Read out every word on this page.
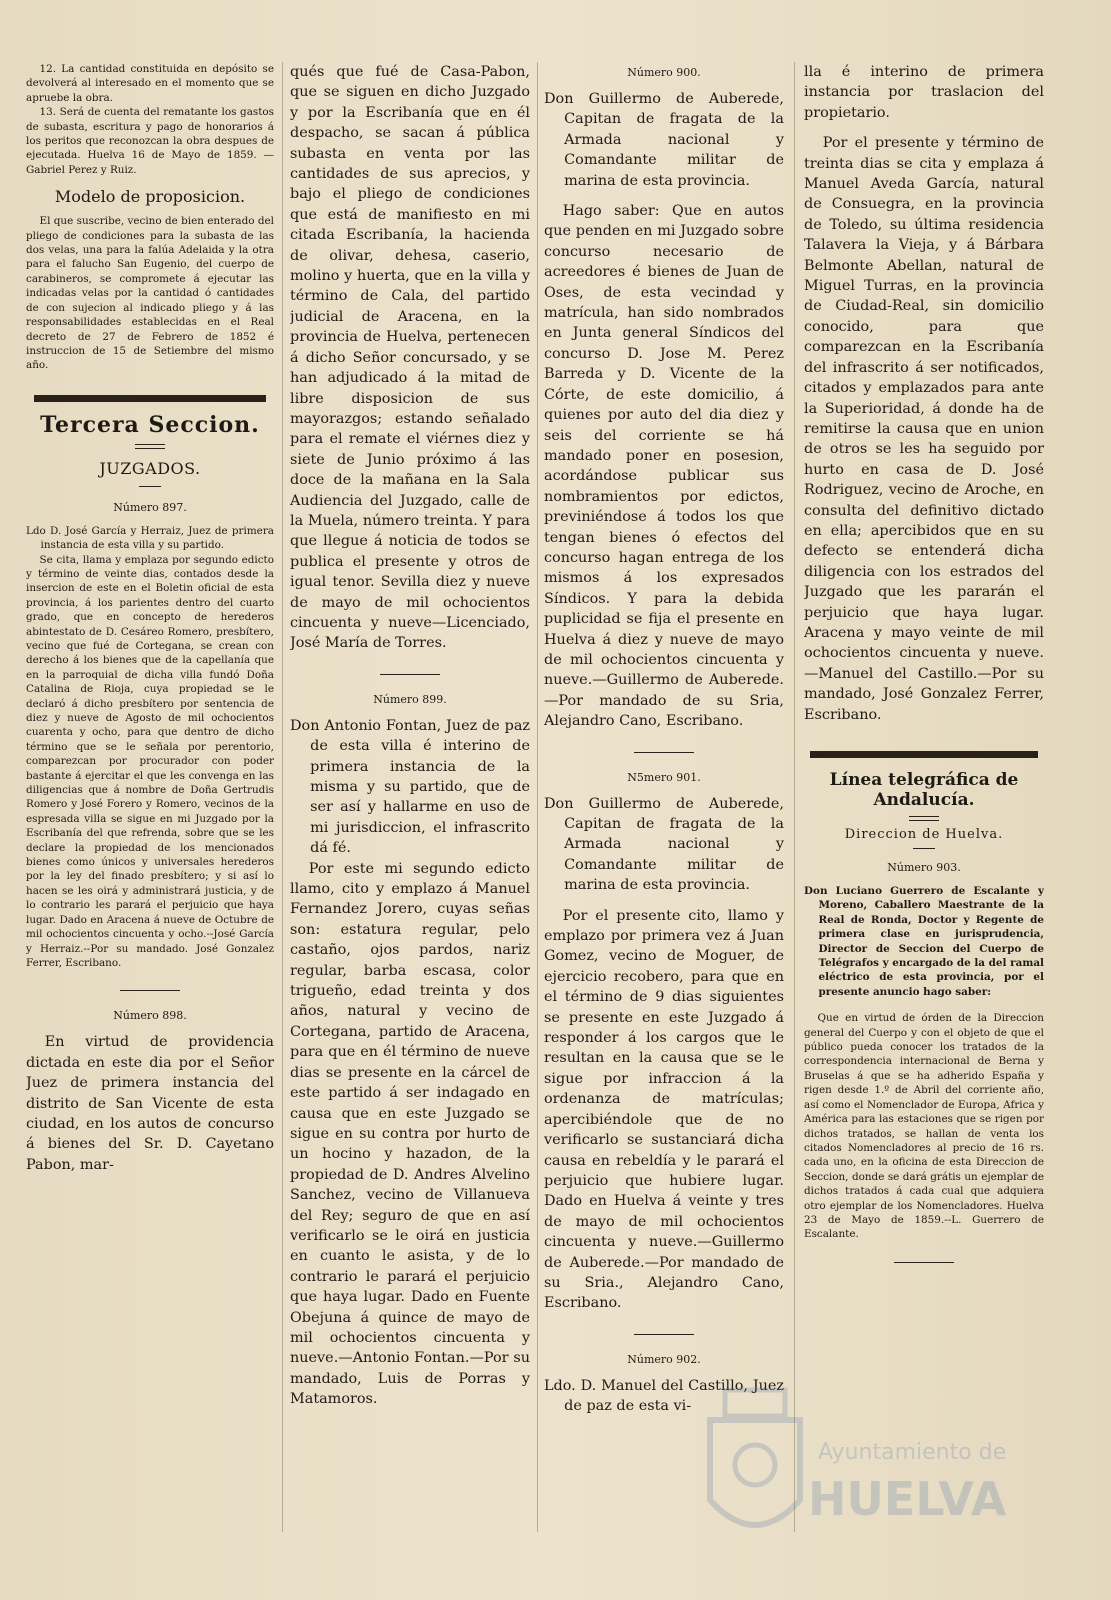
12. La cantidad constituida en depósito se devolverá al interesado en el momento que se apruebe la obra.

13. Será de cuenta del rematante los gastos de subasta, escritura y pago de honorarios á los peritos que reconozcan la obra despues de ejecutada. Huelva 16 de Mayo de 1859. —Gabriel Perez y Ruiz.

Modelo de proposicion.

El que suscribe, vecino de bien enterado del pliego de condiciones para la subasta de las dos velas, una para la falúa Adelaida y la otra para el falucho San Eugenio, del cuerpo de carabineros, se compromete á ejecutar las indicadas velas por la cantidad ó cantidades de con sujecion al indicado pliego y á las responsabilidades establecidas en el Real decreto de 27 de Febrero de 1852 é instruccion de 15 de Setiembre del mismo año.

Tercera Seccion.
JUZGADOS.
Número 897.

Ldo D. José García y Herraiz, Juez de primera instancia de esta villa y su partido.

Se cita, llama y emplaza por segundo edicto y término de veinte dias, contados desde la insercion de este en el Boletin oficial de esta provincia, á los parientes dentro del cuarto grado, que en concepto de herederos abintestato de D. Cesáreo Romero, presbítero, vecino que fué de Cortegana, se crean con derecho á los bienes que de la capellanía que en la parroquial de dicha villa fundó Doña Catalina de Rioja, cuya propiedad se le declaró á dicho presbítero por sentencia de diez y nueve de Agosto de mil ochocientos cuarenta y ocho, para que dentro de dicho término que se le señala por perentorio, comparezcan por procurador con poder bastante á ejercitar el que les convenga en las diligencias que á nombre de Doña Gertrudis Romero y José Forero y Romero, vecinos de la espresada villa se sigue en mi Juzgado por la Escribanía del que refrenda, sobre que se les declare la propiedad de los mencionados bienes como únicos y universales herederos por la ley del finado presbítero; y si así lo hacen se les oirá y administrará justicia, y de lo contrario les parará el perjuicio que haya lugar. Dado en Aracena á nueve de Octubre de mil ochocientos cincuenta y ocho.--José García y Herraiz.--Por su mandado. José Gonzalez Ferrer, Escribano.

Número 898.

En virtud de providencia dictada en este dia por el Señor Juez de primera instancia del distrito de San Vicente de esta ciudad, en los autos de concurso á bienes del Sr. D. Cayetano Pabon, mar-

qués que fué de Casa-Pabon, que se siguen en dicho Juzgado y por la Escribanía que en él despacho, se sacan á pública subasta en venta por las cantidades de sus aprecios, y bajo el pliego de condiciones que está de manifiesto en mi citada Escribanía, la hacienda de olivar, dehesa, caserio, molino y huerta, que en la villa y término de Cala, del partido judicial de Aracena, en la provincia de Huelva, pertenecen á dicho Señor concursado, y se han adjudicado á la mitad de libre disposicion de sus mayorazgos; estando señalado para el remate el viérnes diez y siete de Junio próximo á las doce de la mañana en la Sala Audiencia del Juzgado, calle de la Muela, número treinta. Y para que llegue á noticia de todos se publica el presente y otros de igual tenor. Sevilla diez y nueve de mayo de mil ochocientos cincuenta y nueve—Licenciado, José María de Torres.

Número 899.

Don Antonio Fontan, Juez de paz de esta villa é interino de primera instancia de la misma y su partido, que de ser así y hallarme en uso de mi jurisdiccion, el infrascrito dá fé.

Por este mi segundo edicto llamo, cito y emplazo á Manuel Fernandez Jorero, cuyas señas son: estatura regular, pelo castaño, ojos pardos, nariz regular, barba escasa, color trigueño, edad treinta y dos años, natural y vecino de Cortegana, partido de Aracena, para que en él término de nueve dias se presente en la cárcel de este partido á ser indagado en causa que en este Juzgado se sigue en su contra por hurto de un hocino y hazadon, de la propiedad de D. Andres Alvelino Sanchez, vecino de Villanueva del Rey; seguro de que en así verificarlo se le oirá en justicia en cuanto le asista, y de lo contrario le parará el perjuicio que haya lugar. Dado en Fuente Obejuna á quince de mayo de mil ochocientos cincuenta y nueve.—Antonio Fontan.—Por su mandado, Luis de Porras y Matamoros.

Número 900.

Don Guillermo de Auberede, Capitan de fragata de la Armada nacional y Comandante militar de marina de esta provincia.

Hago saber: Que en autos que penden en mi Juzgado sobre concurso necesario de acreedores é bienes de Juan de Oses, de esta vecindad y matrícula, han sido nombrados en Junta general Síndicos del concurso D. Jose M. Perez Barreda y D. Vicente de la Córte, de este domicilio, á quienes por auto del dia diez y seis del corriente se há mandado poner en posesion, acordándose publicar sus nombramientos por edictos, previniéndose á todos los que tengan bienes ó efectos del concurso hagan entrega de los mismos á los expresados Síndicos. Y para la debida puplicidad se fija el presente en Huelva á diez y nueve de mayo de mil ochocientos cincuenta y nueve.—Guillermo de Auberede.—Por mandado de su Sria, Alejandro Cano, Escribano.

N5mero 901.

Don Guillermo de Auberede, Capitan de fragata de la Armada nacional y Comandante militar de marina de esta provincia.

Por el presente cito, llamo y emplazo por primera vez á Juan Gomez, vecino de Moguer, de ejercicio recobero, para que en el término de 9 dias siguientes se presente en este Juzgado á responder á los cargos que le resultan en la causa que se le sigue por infraccion á la ordenanza de matrículas; apercibiéndole que de no verificarlo se sustanciará dicha causa en rebeldía y le parará el perjuicio que hubiere lugar. Dado en Huelva á veinte y tres de mayo de mil ochocientos cincuenta y nueve.—Guillermo de Auberede.—Por mandado de su Sria., Alejandro Cano, Escribano.

Número 902.

Ldo. D. Manuel del Castillo, Juez de paz de esta vi-

lla é interino de primera instancia por traslacion del propietario.

Por el presente y término de treinta dias se cita y emplaza á Manuel Aveda García, natural de Consuegra, en la provincia de Toledo, su última residencia Talavera la Vieja, y á Bárbara Belmonte Abellan, natural de Miguel Turras, en la provincia de Ciudad-Real, sin domicilio conocido, para que comparezcan en la Escribanía del infrascrito á ser notificados, citados y emplazados para ante la Superioridad, á donde ha de remitirse la causa que en union de otros se les ha seguido por hurto en casa de D. José Rodriguez, vecino de Aroche, en consulta del definitivo dictado en ella; apercibidos que en su defecto se entenderá dicha diligencia con los estrados del Juzgado que les pararán el perjuicio que haya lugar. Aracena y mayo veinte de mil ochocientos cincuenta y nueve.—Manuel del Castillo.—Por su mandado, José Gonzalez Ferrer, Escribano.

Línea telegráfica de Andalucía.
Direccion de Huelva.
Número 903.

Don Luciano Guerrero de Escalante y Moreno, Caballero Maestrante de la Real de Ronda, Doctor y Regente de primera clase en jurisprudencia, Director de Seccion del Cuerpo de Telégrafos y encargado de la del ramal eléctrico de esta provincia, por el presente anuncio hago saber:

Que en virtud de órden de la Direccion general del Cuerpo y con el objeto de que el público pueda conocer los tratados de la correspondencia internacional de Berna y Bruselas á que se ha adherido España y rigen desde 1.º de Abril del corriente año, así como el Nomenclador de Europa, Africa y América para las estaciones que se rigen por dichos tratados, se hallan de venta los citados Nomencladores al precio de 16 rs. cada uno, en la oficina de esta Direccion de Seccion, donde se dará grátis un ejemplar de dichos tratados á cada cual que adquiera otro ejemplar de los Nomencladores. Huelva 23 de Mayo de 1859.--L. Guerrero de Escalante.

Ayuntamiento de
HUELVA
